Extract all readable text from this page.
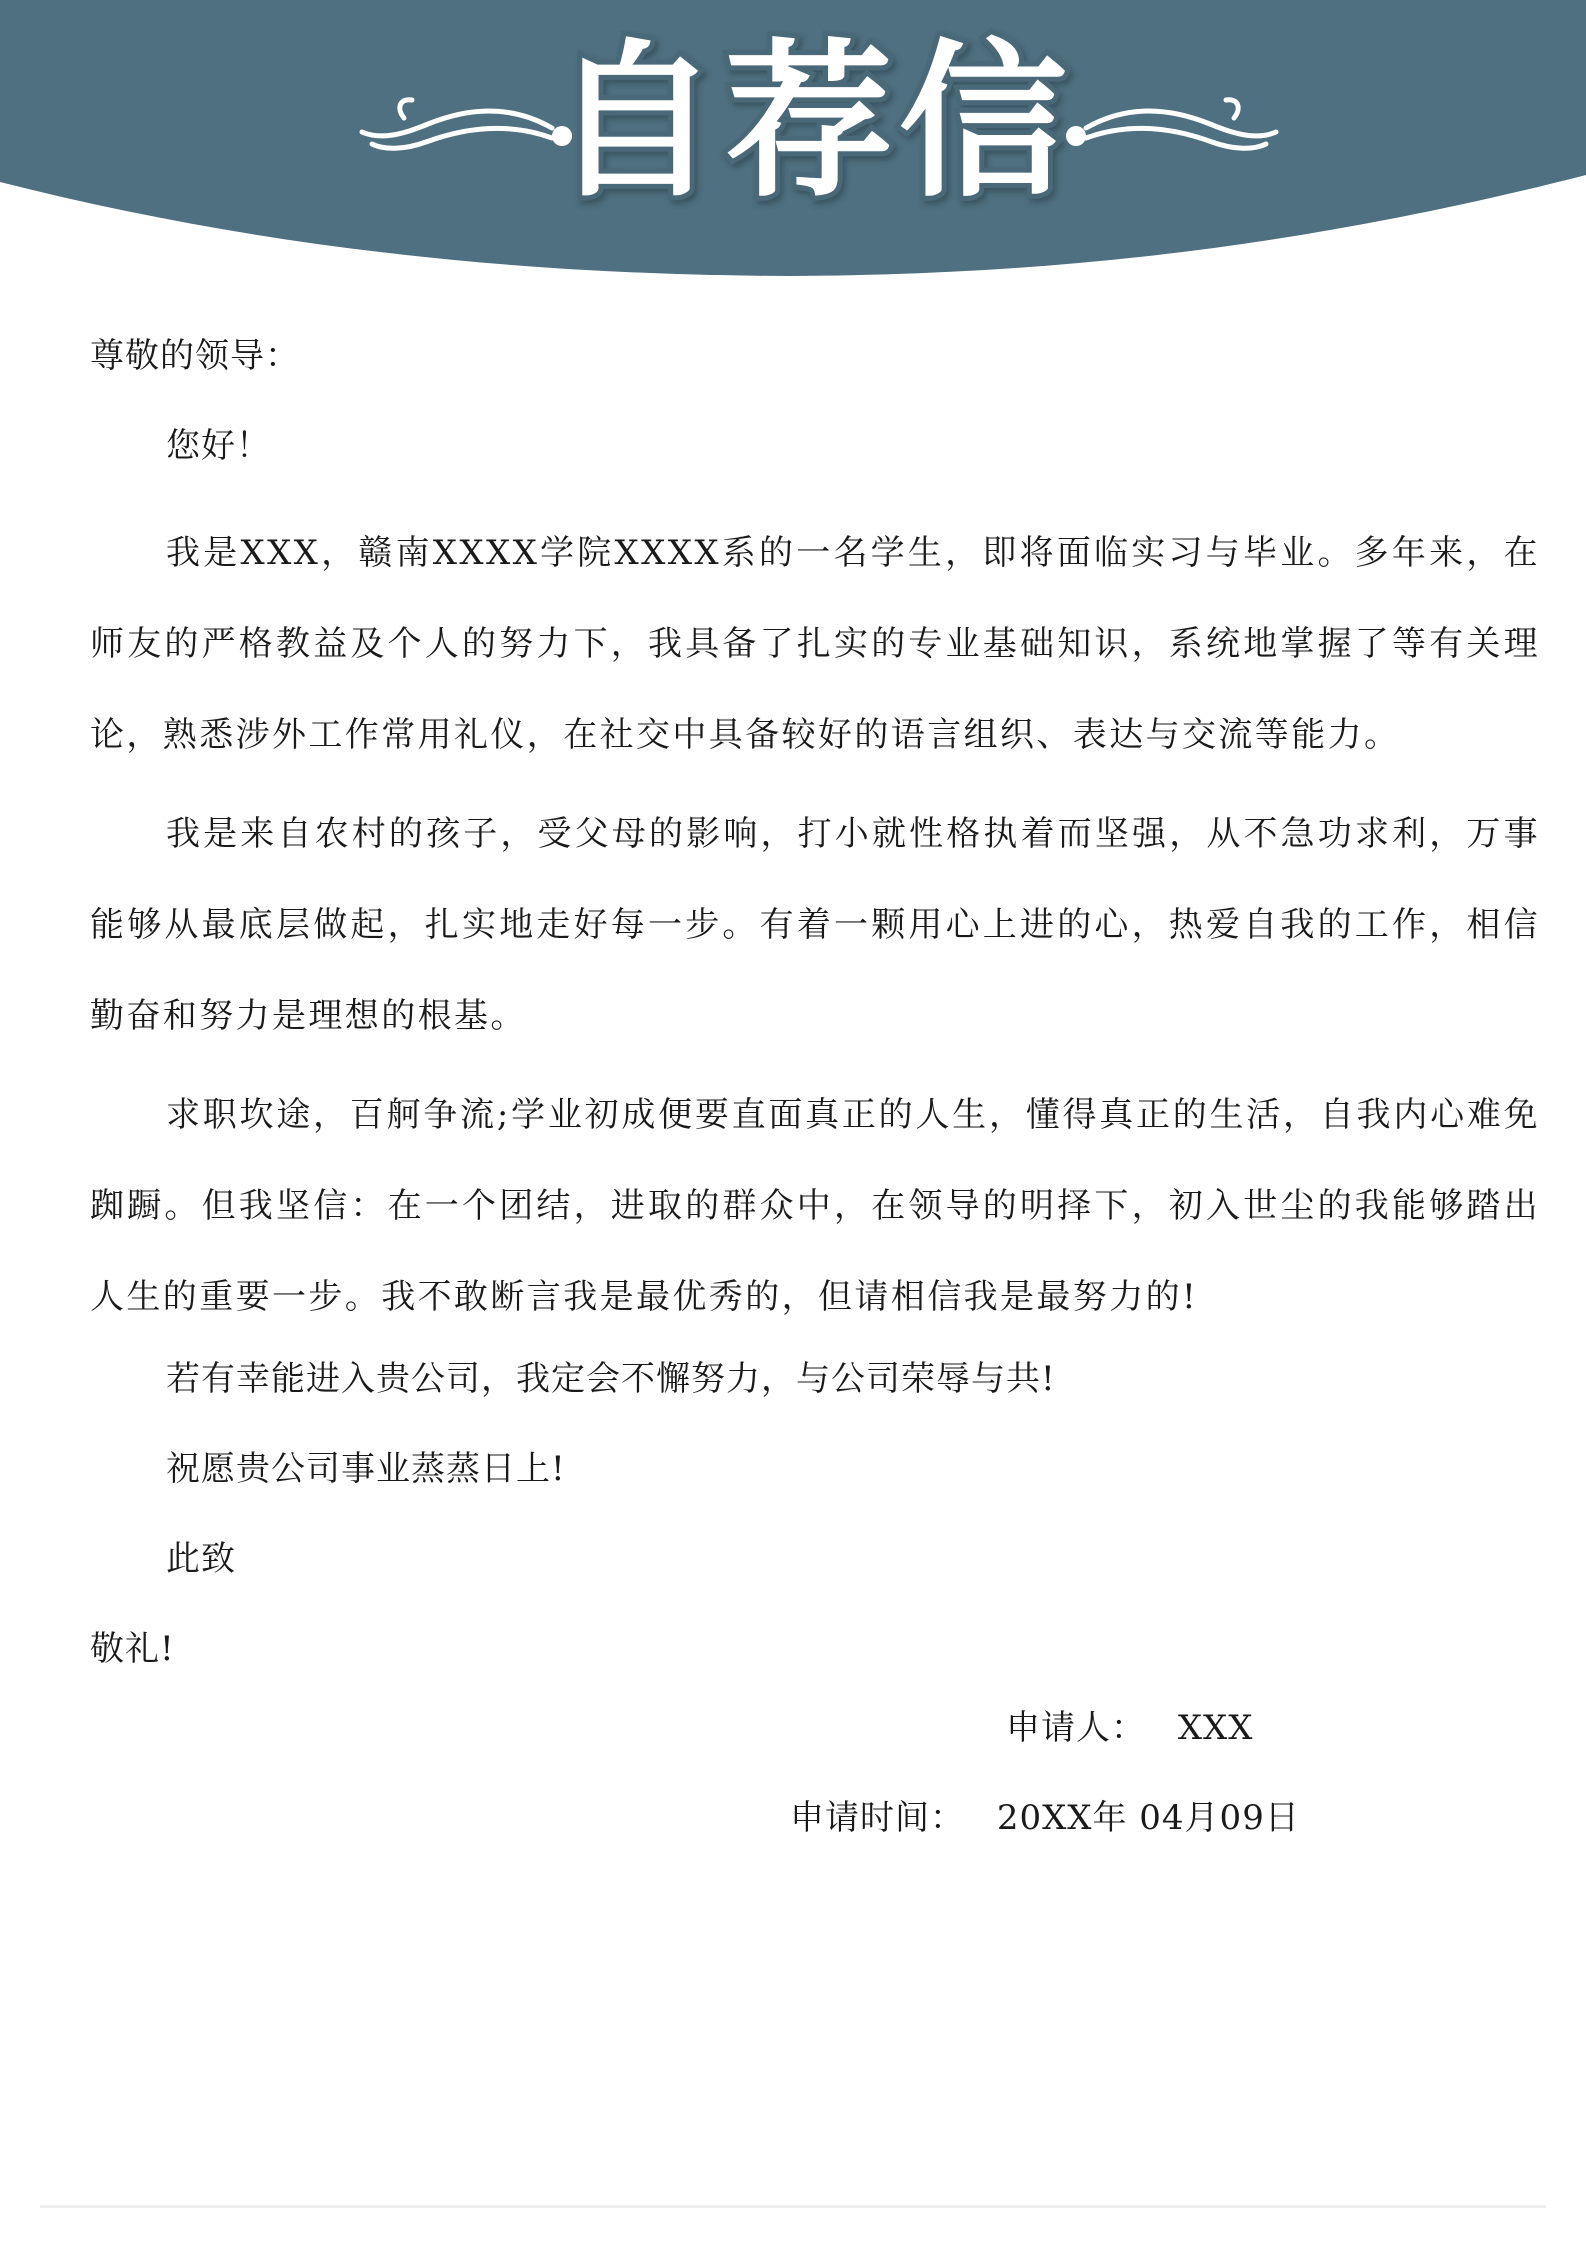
自荐信
尊敬的领导：
您好！

我是XXX，赣南XXXX学院XXXX系的一名学生，即将面临实习与毕业。多年来，在师友的严格教益及个人的努力下，我具备了扎实的专业基础知识，系统地掌握了等有关理论，熟悉涉外工作常用礼仪，在社交中具备较好的语言组织、表达与交流等能力。

我是来自农村的孩子，受父母的影响，打小就性格执着而坚强，从不急功求利，万事能够从最底层做起，扎实地走好每一步。有着一颗用心上进的心，热爱自我的工作，相信勤奋和努力是理想的根基。

求职坎途，百舸争流;学业初成便要直面真正的人生，懂得真正的生活，自我内心难免踟蹰。但我坚信：在一个团结，进取的群众中，在领导的明择下，初入世尘的我能够踏出人生的重要一步。我不敢断言我是最优秀的，但请相信我是最努力的!

若有幸能进入贵公司，我定会不懈努力，与公司荣辱与共!
祝愿贵公司事业蒸蒸日上!
此致
敬礼!
申请人： XXX
申请时间： 20XX年 04月09日
